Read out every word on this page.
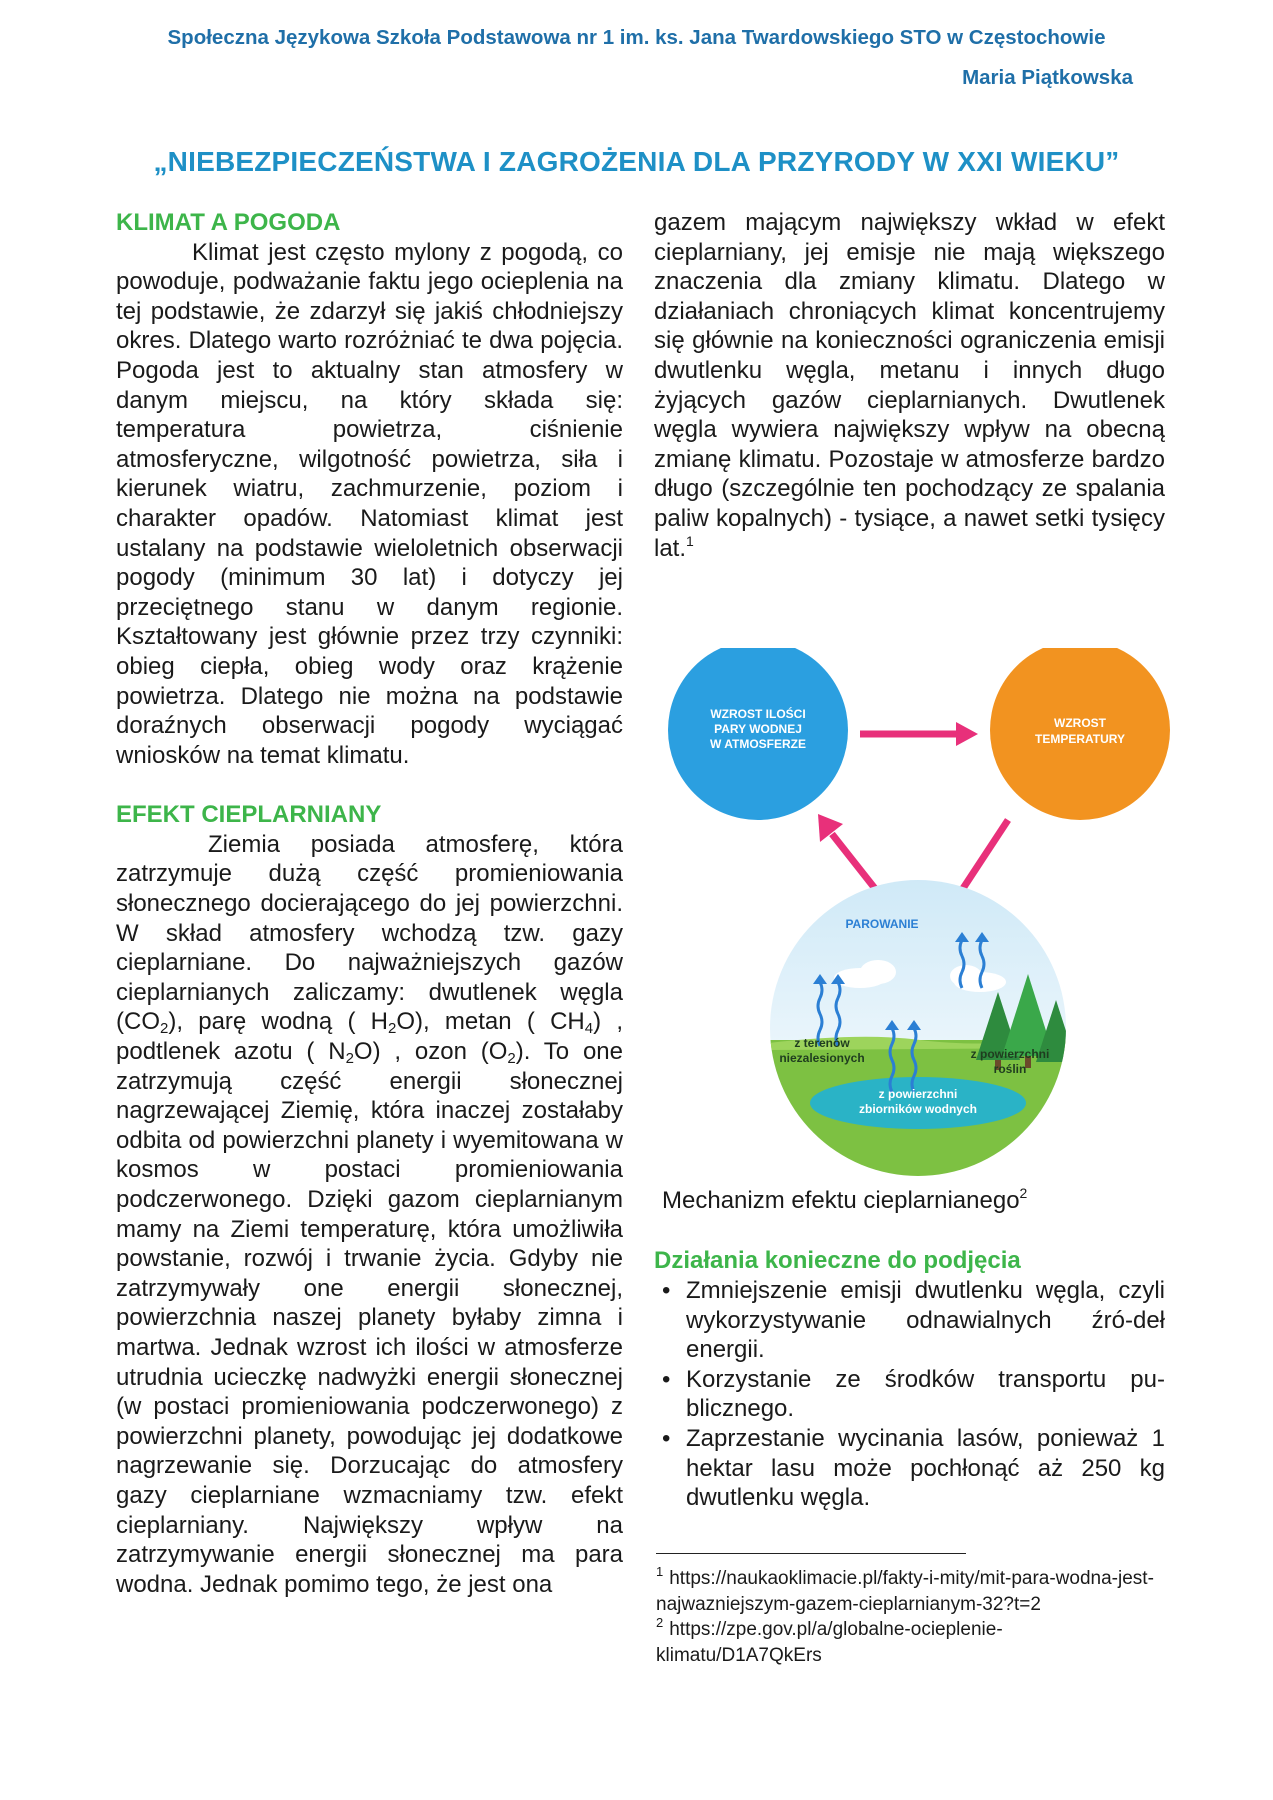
Społeczna Językowa Szkoła Podstawowa nr 1 im. ks. Jana Twardowskiego STO w Częstochowie
Maria Piątkowska
„NIEBEZPIECZEŃSTWA I ZAGROŻENIA DLA PRZYRODY W XXI WIEKU”
KLIMAT A POGODA

Klimat jest często mylony z pogodą, co powoduje, podważanie faktu jego ocieplenia na tej podstawie, że zdarzył się jakiś chłodniejszy okres. Dlatego warto rozróżniać te dwa pojęcia. Pogoda jest to aktualny stan atmosfery w danym miejscu, na który składa się: temperatura powietrza, ciśnienie atmosferyczne, wilgotność powietrza, siła i kierunek wiatru, zachmurzenie, poziom i charakter opadów. Natomiast klimat jest ustalany na podstawie wieloletnich obserwacji pogody (minimum 30 lat) i dotyczy jej przeciętnego stanu w danym regionie. Kształtowany jest głównie przez trzy czynniki: obieg ciepła, obieg wody oraz krążenie powietrza. Dlatego nie można na podstawie doraźnych obserwacji pogody wyciągać wniosków na temat klimatu.

EFEKT CIEPLARNIANY

Ziemia posiada atmosferę, która zatrzymuje dużą część promieniowania słonecznego docierającego do jej powierzchni. W skład atmosfery wchodzą tzw. gazy cieplarniane. Do najważniejszych gazów cieplarnianych zaliczamy: dwutlenek węgla $(CO_2)$, parę wodną ( $H_2O$), metan ( $CH_4$) , podtlenek azotu ( $N_2O$) , ozon $(O_2)$. To one zatrzymują część energii słonecznej nagrzewającej Ziemię, która inaczej zostałaby odbita od powierzchni planety i wyemitowana w kosmos w postaci promieniowania podczerwonego. Dzięki gazom cieplarnianym mamy na Ziemi temperaturę, która umożliwiła powstanie, rozwój i trwanie życia. Gdyby nie zatrzymywały one energii słonecznej, powierzchnia naszej planety byłaby zimna i martwa. Jednak wzrost ich ilości w atmosferze utrudnia ucieczkę nadwyżki energii słonecznej (w postaci promieniowania podczerwonego) z powierzchni planety, powodując jej dodatkowe nagrzewanie się. Dorzucając do atmosfery gazy cieplarniane wzmacniamy tzw. efekt cieplarniany. Największy wpływ na zatrzymywanie energii słonecznej ma para wodna. Jednak pomimo tego, że jest ona

gazem mającym największy wkład w efekt cieplarniany, jej emisje nie mają większego znaczenia dla zmiany klimatu. Dlatego w działaniach chroniących klimat koncentrujemy się głównie na konieczności ograniczenia emisji dwutlenku węgla, metanu i innych długo żyjących gazów cieplarnianych. Dwutlenek węgla wywiera największy wpływ na obecną zmianę klimatu. Pozostaje w atmosferze bardzo długo (szczególnie ten pochodzący ze spalania paliw kopalnych) - tysiące, a nawet setki tysięcy lat.$^1$

WZROST ILOŚCI
PARY WODNEJ
W ATMOSFERZE
WZROST
TEMPERATURY
PAROWANIE
z terenów
niezalesionych	z powierzchni
roślin
z powierzchni
zbiorników wodnych
Mechanizm efektu cieplarnianego$^2$
Działania konieczne do podjęcia
• Zmniejszenie emisji dwutlenku węgla, czyli wykorzystywanie odnawialnych źró-deł energii.
• Korzystanie ze środków transportu pu-blicznego.
• Zaprzestanie wycinania lasów, ponieważ 1 hektar lasu może pochłonąć aż 250 kg dwutlenku węgla.
$^1$ https://naukaoklimacie.pl/fakty-i-mity/mit-para-wodna-jest-najwazniejszym-gazem-cieplarnianym-32?t=2
$^2$ https://zpe.gov.pl/a/globalne-ocieplenie-klimatu/D1A7QkErs
